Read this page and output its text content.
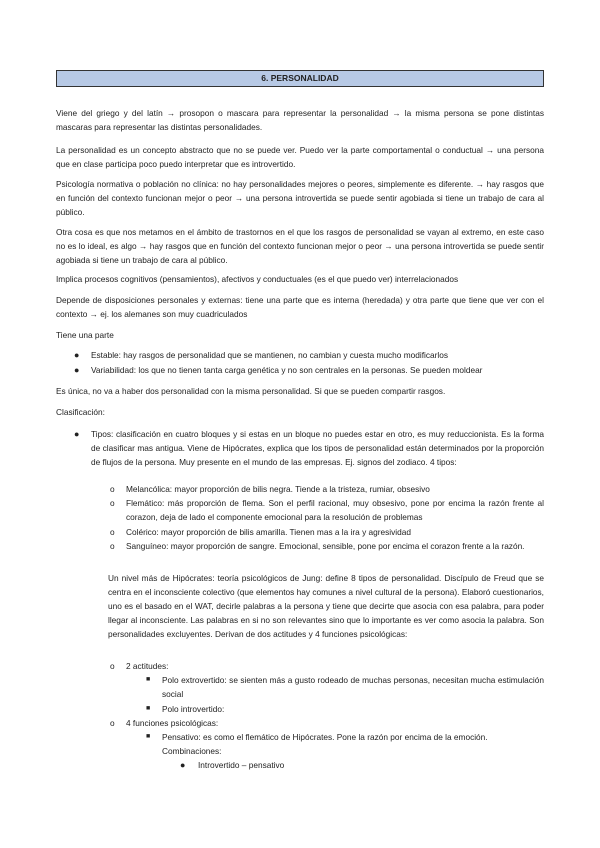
6. PERSONALIDAD

Viene del griego y del latín → prosopon o mascara para representar la personalidad → la misma persona se pone distintas mascaras para representar las distintas personalidades.

La personalidad es un concepto abstracto que no se puede ver. Puedo ver la parte comportamental o conductual → una persona que en clase participa poco puedo interpretar que es introvertido.

Psicología normativa o población no clínica: no hay personalidades mejores o peores, simplemente es diferente. → hay rasgos que en función del contexto funcionan mejor o peor → una persona introvertida se puede sentir agobiada si tiene un trabajo de cara al público.

Otra cosa es que nos metamos en el ámbito de trastornos en el que los rasgos de personalidad se vayan al extremo, en este caso no es lo ideal, es algo → hay rasgos que en función del contexto funcionan mejor o peor → una persona introvertida se puede sentir agobiada si tiene un trabajo de cara al público.

Implica procesos cognitivos (pensamientos), afectivos y conductuales (es el que puedo ver) interrelacionados

Depende de disposiciones personales y externas: tiene una parte que es interna (heredada) y otra parte que tiene que ver con el contexto → ej. los alemanes son muy cuadriculados

Tiene una parte

● Estable: hay rasgos de personalidad que se mantienen, no cambian y cuesta mucho modificarlos

● Variabilidad: los que no tienen tanta carga genética y no son centrales en la personas. Se pueden moldear

Es única, no va a haber dos personalidad con la misma personalidad. Si que se pueden compartir rasgos.

Clasificación:

● Tipos: clasificación en cuatro bloques y si estas en un bloque no puedes estar en otro, es muy reduccionista. Es la forma de clasificar mas antigua. Viene de Hipócrates, explica que los tipos de personalidad están determinados por la proporción de flujos de la persona. Muy presente en el mundo de las empresas. Ej. signos del zodiaco. 4 tipos:

o Melancólica: mayor proporción de bilis negra. Tiende a la tristeza, rumiar, obsesivo

o Flemático: más proporción de flema. Son el perfil racional, muy obsesivo, pone por encima la razón frente al corazon, deja de lado el componente emocional para la resolución de problemas

o Colérico: mayor proporción de bilis amarilla. Tienen mas a la ira y agresividad

o Sanguíneo: mayor proporción de sangre. Emocional, sensible, pone por encima el corazon frente a la razón.

Un nivel más de Hipócrates: teoría psicológicos de Jung: define 8 tipos de personalidad. Discípulo de Freud que se centra en el inconsciente colectivo (que elementos hay comunes a nivel cultural de la persona). Elaboró cuestionarios, uno es el basado en el WAT, decirle palabras a la persona y tiene que decirte que asocia con esa palabra, para poder llegar al inconsciente. Las palabras en si no son relevantes sino que lo importante es ver como asocia la palabra. Son personalidades excluyentes. Derivan de dos actitudes y 4 funciones psicológicas:

o 2 actitudes:

■ Polo extrovertido: se sienten más a gusto rodeado de muchas personas, necesitan mucha estimulación social

■ Polo introvertido:

o 4 funciones psicológicas:

■ Pensativo: es como el flemático de Hipócrates. Pone la razón por encima de la emoción.

Combinaciones:

● Introvertido – pensativo
